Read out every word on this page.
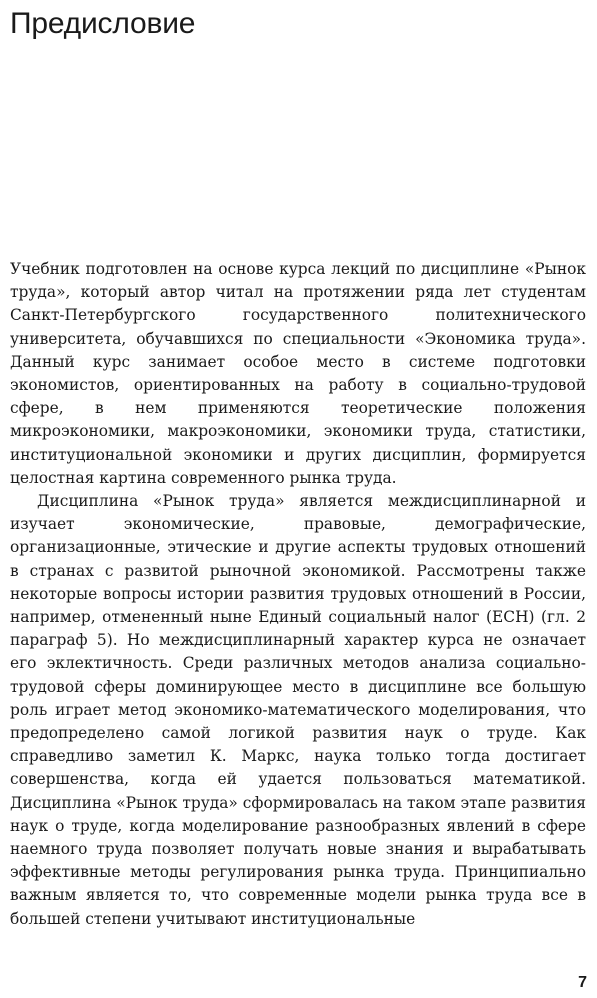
Предисловие

Учебник подготовлен на основе курса лекций по дисциплине «Рынок труда», который автор читал на протяжении ряда лет студентам Санкт-Петербургского государственного политехнического университета, обучавшихся по специальности «Экономика труда». Данный курс занимает особое место в системе подготовки экономистов, ориентированных на работу в социально-трудовой сфере, в нем применяются теоретические положения микроэкономики, макроэкономики, экономики труда, статистики, институциональной экономики и других дисциплин, формируется целостная картина современного рынка труда.

Дисциплина «Рынок труда» является междисциплинарной и изучает экономические, правовые, демографические, организационные, этические и другие аспекты трудовых отношений в странах с развитой рыночной экономикой. Рассмотрены также некоторые вопросы истории развития трудовых отношений в России, например, отмененный ныне Единый социальный налог (ЕСН) (гл. 2 параграф 5). Но междисциплинарный характер курса не означает его эклектичность. Среди различных методов анализа социально-трудовой сферы доминирующее место в дисциплине все большую роль играет метод экономико-математического моделирования, что предопределено самой логикой развития наук о труде. Как справедливо заметил К. Маркс, наука только тогда достигает совершенства, когда ей удается пользоваться математикой. Дисциплина «Рынок труда» сформировалась на таком этапе развития наук о труде, когда моделирование разнообразных явлений в сфере наемного труда позволяет получать новые знания и вырабатывать эффективные методы регулирования рынка труда. Принципиально важным является то, что современные модели рынка труда все в большей степени учитывают институциональные

7
